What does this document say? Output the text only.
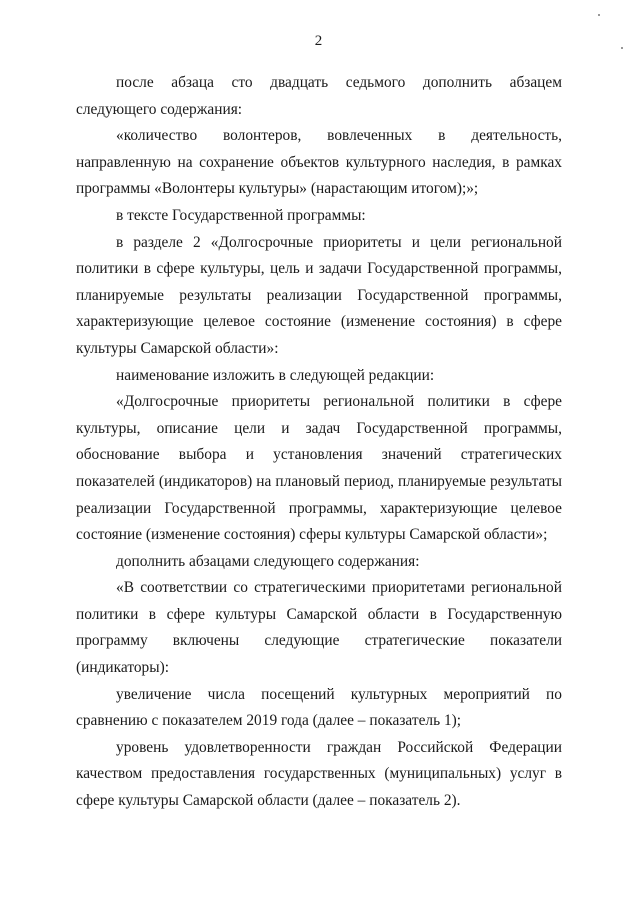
2

после абзаца сто двадцать седьмого дополнить абзацем следующего содержания:

«количество волонтеров, вовлеченных в деятельность, направленную на сохранение объектов культурного наследия, в рамках программы «Волонтеры культуры» (нарастающим итогом);»;

в тексте Государственной программы:

в разделе 2 «Долгосрочные приоритеты и цели региональной политики в сфере культуры, цель и задачи Государственной программы, планируемые результаты реализации Государственной программы, характеризующие целевое состояние (изменение состояния) в сфере культуры Самарской области»:

наименование изложить в следующей редакции:

«Долгосрочные приоритеты региональной политики в сфере культуры, описание цели и задач Государственной программы, обоснование выбора и установления значений стратегических показателей (индикаторов) на плановый период, планируемые результаты реализации Государственной программы, характеризующие целевое состояние (изменение состояния) сферы культуры Самарской области»;

дополнить абзацами следующего содержания:

«В соответствии со стратегическими приоритетами региональной политики в сфере культуры Самарской области в Государственную программу включены следующие стратегические показатели (индикаторы):

увеличение числа посещений культурных мероприятий по сравнению с показателем 2019 года (далее – показатель 1);

уровень удовлетворенности граждан Российской Федерации качеством предоставления государственных (муниципальных) услуг в сфере культуры Самарской области (далее – показатель 2).
